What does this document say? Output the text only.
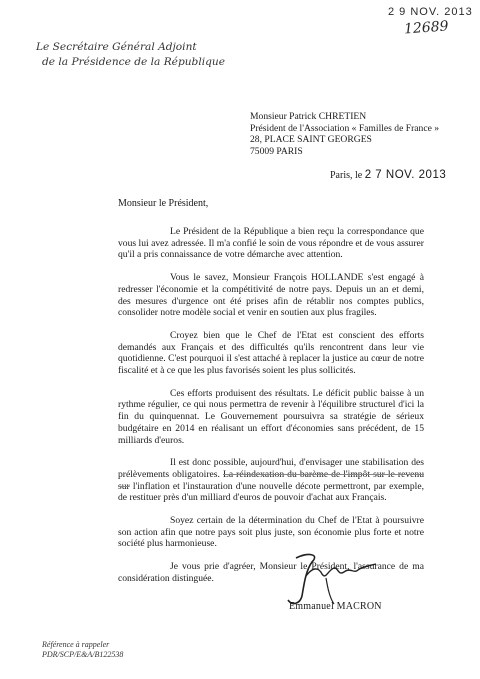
2 9 NOV. 2013
12689
Le Secrétaire Général Adjoint
de la Présidence de la République
Monsieur Patrick CHRETIEN
Président de l'Association « Familles de France »
28, PLACE SAINT GEORGES
75009 PARIS
Paris, le 2 7 NOV. 2013
Monsieur le Président,

Le Président de la République a bien reçu la correspondance que vous lui avez adressée. Il m'a confié le soin de vous répondre et de vous assurer qu'il a pris connaissance de votre démarche avec attention.

Vous le savez, Monsieur François HOLLANDE s'est engagé à redresser l'économie et la compétitivité de notre pays. Depuis un an et demi, des mesures d'urgence ont été prises afin de rétablir nos comptes publics, consolider notre modèle social et venir en soutien aux plus fragiles.

Croyez bien que le Chef de l'Etat est conscient des efforts demandés aux Français et des difficultés qu'ils rencontrent dans leur vie quotidienne. C'est pourquoi il s'est attaché à replacer la justice au cœur de notre fiscalité et à ce que les plus favorisés soient les plus sollicités.

Ces efforts produisent des résultats. Le déficit public baisse à un rythme régulier, ce qui nous permettra de revenir à l'équilibre structurel d'ici la fin du quinquennat. Le Gouvernement poursuivra sa stratégie de sérieux budgétaire en 2014 en réalisant un effort d'économies sans précédent, de 15 milliards d'euros.

Il est donc possible, aujourd'hui, d'envisager une stabilisation des prélèvements obligatoires. La réindexation du barème de l'impôt sur le revenu sur l'inflation et l'instauration d'une nouvelle décote permettront, par exemple, de restituer près d'un milliard d'euros de pouvoir d'achat aux Français.

Soyez certain de la détermination du Chef de l'Etat à poursuivre son action afin que notre pays soit plus juste, son économie plus forte et notre société plus harmonieuse.

Je vous prie d'agréer, Monsieur le Président, l'assurance de ma considération distinguée.

Emmanuel MACRON
Référence à rappeler
PDR/SCP/E&A/B122538
